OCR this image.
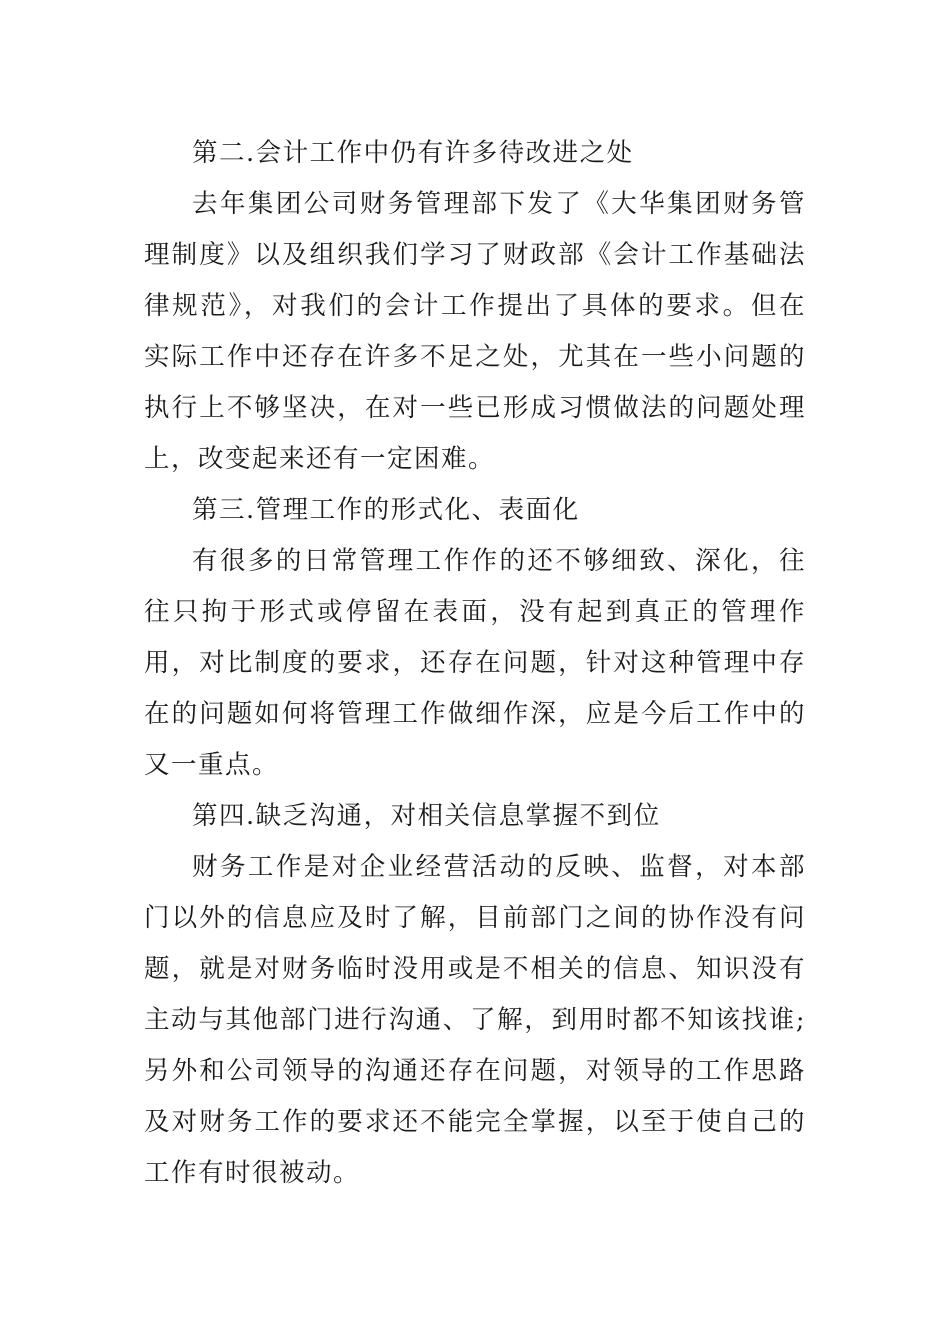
第二.会计工作中仍有许多待改进之处

去年集团公司财务管理部下发了《大华集团财务管理制度》以及组织我们学习了财政部《会计工作基础法律规范》，对我们的会计工作提出了具体的要求。但在实际工作中还存在许多不足之处，尤其在一些小问题的执行上不够坚决，在对一些已形成习惯做法的问题处理上，改变起来还有一定困难。

第三.管理工作的形式化、表面化

有很多的日常管理工作作的还不够细致、深化，往往只拘于形式或停留在表面，没有起到真正的管理作用，对比制度的要求，还存在问题，针对这种管理中存在的问题如何将管理工作做细作深，应是今后工作中的又一重点。

第四.缺乏沟通，对相关信息掌握不到位

财务工作是对企业经营活动的反映、监督，对本部门以外的信息应及时了解，目前部门之间的协作没有问题，就是对财务临时没用或是不相关的信息、知识没有主动与其他部门进行沟通、了解，到用时都不知该找谁;另外和公司领导的沟通还存在问题，对领导的工作思路及对财务工作的要求还不能完全掌握，以至于使自己的工作有时很被动。
